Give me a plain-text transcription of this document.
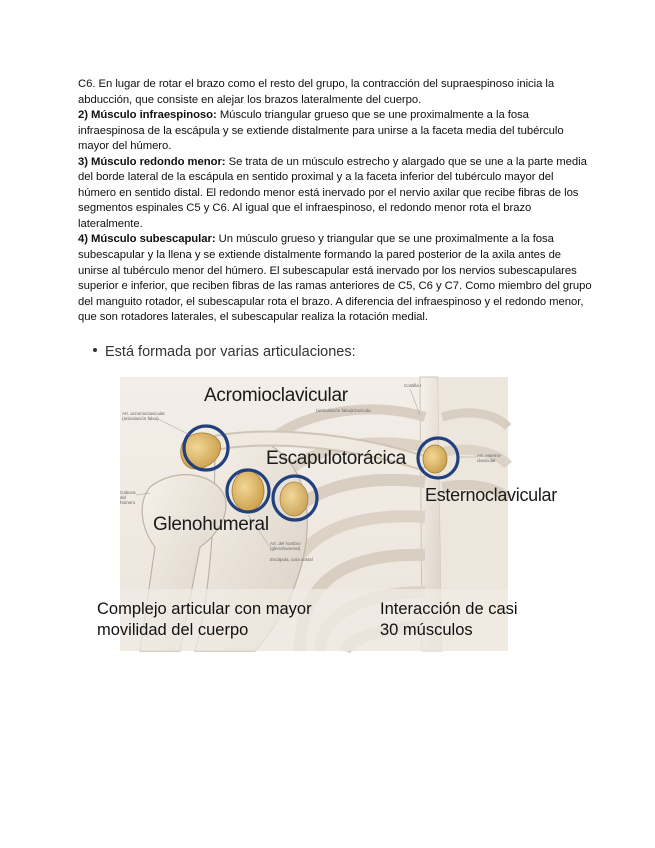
C6. En lugar de rotar el brazo como el resto del grupo, la contracción del supraespinoso inicia la abducción, que consiste en alejar los brazos lateralmente del cuerpo.

2) Músculo infraespinoso: Músculo triangular grueso que se une proximalmente a la fosa infraespinosa de la escápula y se extiende distalmente para unirse a la faceta media del tubérculo mayor del húmero.

3) Músculo redondo menor: Se trata de un músculo estrecho y alargado que se une a la parte media del borde lateral de la escápula en sentido proximal y a la faceta inferior del tubérculo mayor del húmero en sentido distal. El redondo menor está inervado por el nervio axilar que recibe fibras de los segmentos espinales C5 y C6. Al igual que el infraespinoso, el redondo menor rota el brazo lateralmente.

4) Músculo subescapular: Un músculo grueso y triangular que se une proximalmente a la fosa subescapular y la llena y se extiende distalmente formando la pared posterior de la axila antes de unirse al tubérculo menor del húmero. El subescapular está inervado por los nervios subescapulares superior e inferior, que reciben fibras de las ramas anteriores de C5, C6 y C7. Como miembro del grupo del manguito rotador, el subescapular rota el brazo. A diferencia del infraespinoso y el redondo menor, que son rotadores laterales, el subescapular realiza la rotación medial.

Está formada por varias articulaciones:
Acromioclavicular
Escapulotorácica
Esternoclavicular
Glenohumeral
Art. acromioclavicular (articulación falsa)
(articulación falsa) Clavícula
Costilla I
Cabeza del húmero
Art. esterno-clavicular
Art. del hombro (glenohumeral)
Escápula, cara costal
Complejo articular con mayor
movilidad del cuerpo
Interacción de casi
30 músculos
